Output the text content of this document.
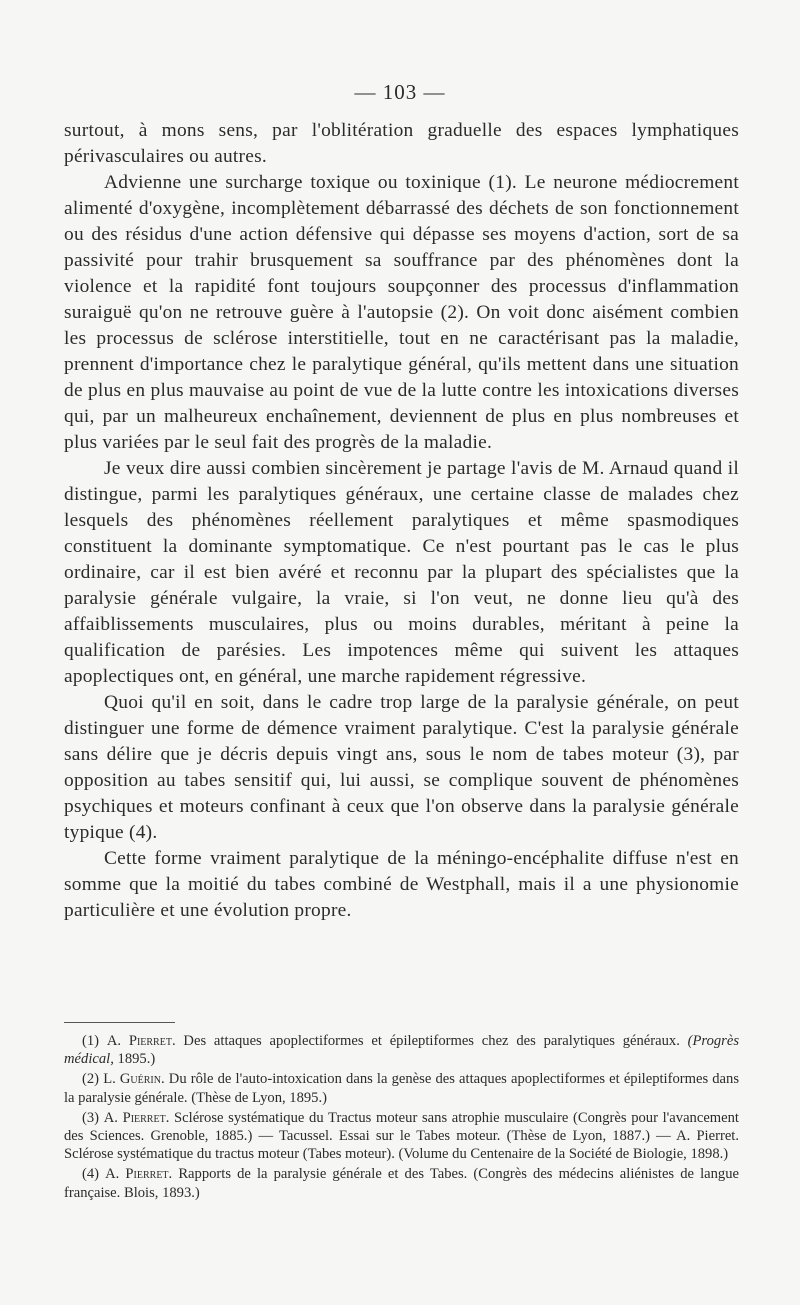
— 103 —

surtout, à mons sens, par l'oblitération graduelle des espaces lymphatiques périvasculaires ou autres.

Advienne une surcharge toxique ou toxinique (1). Le neurone médiocrement alimenté d'oxygène, incomplètement débarrassé des déchets de son fonctionnement ou des résidus d'une action défensive qui dépasse ses moyens d'action, sort de sa passivité pour trahir brusquement sa souffrance par des phénomènes dont la violence et la rapidité font toujours soupçonner des processus d'inflammation suraiguë qu'on ne retrouve guère à l'autopsie (2). On voit donc aisément combien les processus de sclérose interstitielle, tout en ne caractérisant pas la maladie, prennent d'importance chez le paralytique général, qu'ils mettent dans une situation de plus en plus mauvaise au point de vue de la lutte contre les intoxications diverses qui, par un malheureux enchaînement, deviennent de plus en plus nombreuses et plus variées par le seul fait des progrès de la maladie.

Je veux dire aussi combien sincèrement je partage l'avis de M. Arnaud quand il distingue, parmi les paralytiques généraux, une certaine classe de malades chez lesquels des phénomènes réellement paralytiques et même spasmodiques constituent la dominante symptomatique. Ce n'est pourtant pas le cas le plus ordinaire, car il est bien avéré et reconnu par la plupart des spécialistes que la paralysie générale vulgaire, la vraie, si l'on veut, ne donne lieu qu'à des affaiblissements musculaires, plus ou moins durables, méritant à peine la qualification de parésies. Les impotences même qui suivent les attaques apoplectiques ont, en général, une marche rapidement régressive.

Quoi qu'il en soit, dans le cadre trop large de la paralysie générale, on peut distinguer une forme de démence vraiment paralytique. C'est la paralysie générale sans délire que je décris depuis vingt ans, sous le nom de tabes moteur (3), par opposition au tabes sensitif qui, lui aussi, se complique souvent de phénomènes psychiques et moteurs confinant à ceux que l'on observe dans la paralysie générale typique (4).

Cette forme vraiment paralytique de la méningo-encéphalite diffuse n'est en somme que la moitié du tabes combiné de Westphall, mais il a une physionomie particulière et une évolution propre.

(1) A. Pierret. Des attaques apoplectiformes et épileptiformes chez des paralytiques généraux. (Progrès médical, 1895.)

(2) L. Guérin. Du rôle de l'auto-intoxication dans la genèse des attaques apoplectiformes et épileptiformes dans la paralysie générale. (Thèse de Lyon, 1895.)

(3) A. Pierret. Sclérose systématique du Tractus moteur sans atrophie musculaire (Congrès pour l'avancement des Sciences. Grenoble, 1885.) — Tacussel. Essai sur le Tabes moteur. (Thèse de Lyon, 1887.) — A. Pierret. Sclérose systématique du tractus moteur (Tabes moteur). (Volume du Centenaire de la Société de Biologie, 1898.)

(4) A. Pierret. Rapports de la paralysie générale et des Tabes. (Congrès des médecins aliénistes de langue française. Blois, 1893.)
